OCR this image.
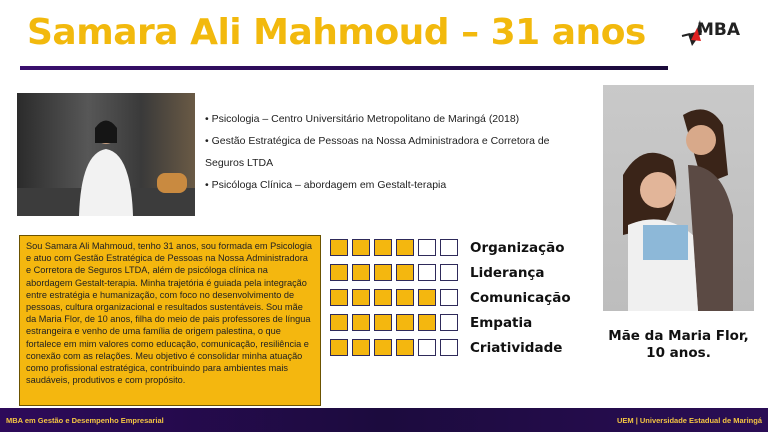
Samara Ali Mahmoud – 31 anos	MBA
• Psicologia – Centro Universitário Metropolitano de Maringá (2018)
• Gestão Estratégica de Pessoas na Nossa Administradora e Corretora de Seguros LTDA
• Psicóloga Clínica – abordagem em Gestalt-terapia
Sou Samara Ali Mahmoud, tenho 31 anos, sou formada em Psicologia e atuo com Gestão Estratégica de Pessoas na Nossa Administradora e Corretora de Seguros LTDA, além de psicóloga clínica na abordagem Gestalt-terapia. Minha trajetória é guiada pela integração entre estratégia e humanização, com foco no desenvolvimento de pessoas, cultura organizacional e resultados sustentáveis. Sou mãe da Maria Flor, de 10 anos, filha do meio de pais professores de língua estrangeira e venho de uma família de origem palestina, o que fortalece em mim valores como educação, comunicação, resiliência e conexão com as relações. Meu objetivo é consolidar minha atuação como profissional estratégica, contribuindo para ambientes mais saudáveis, produtivos e com propósito.
Organização
Liderança
Comunicação
Empatia
Criatividade
Mãe da Maria Flor,
10 anos.
MBA em Gestão e Desempenho Empresarial	UEM | Universidade Estadual de Maringá
